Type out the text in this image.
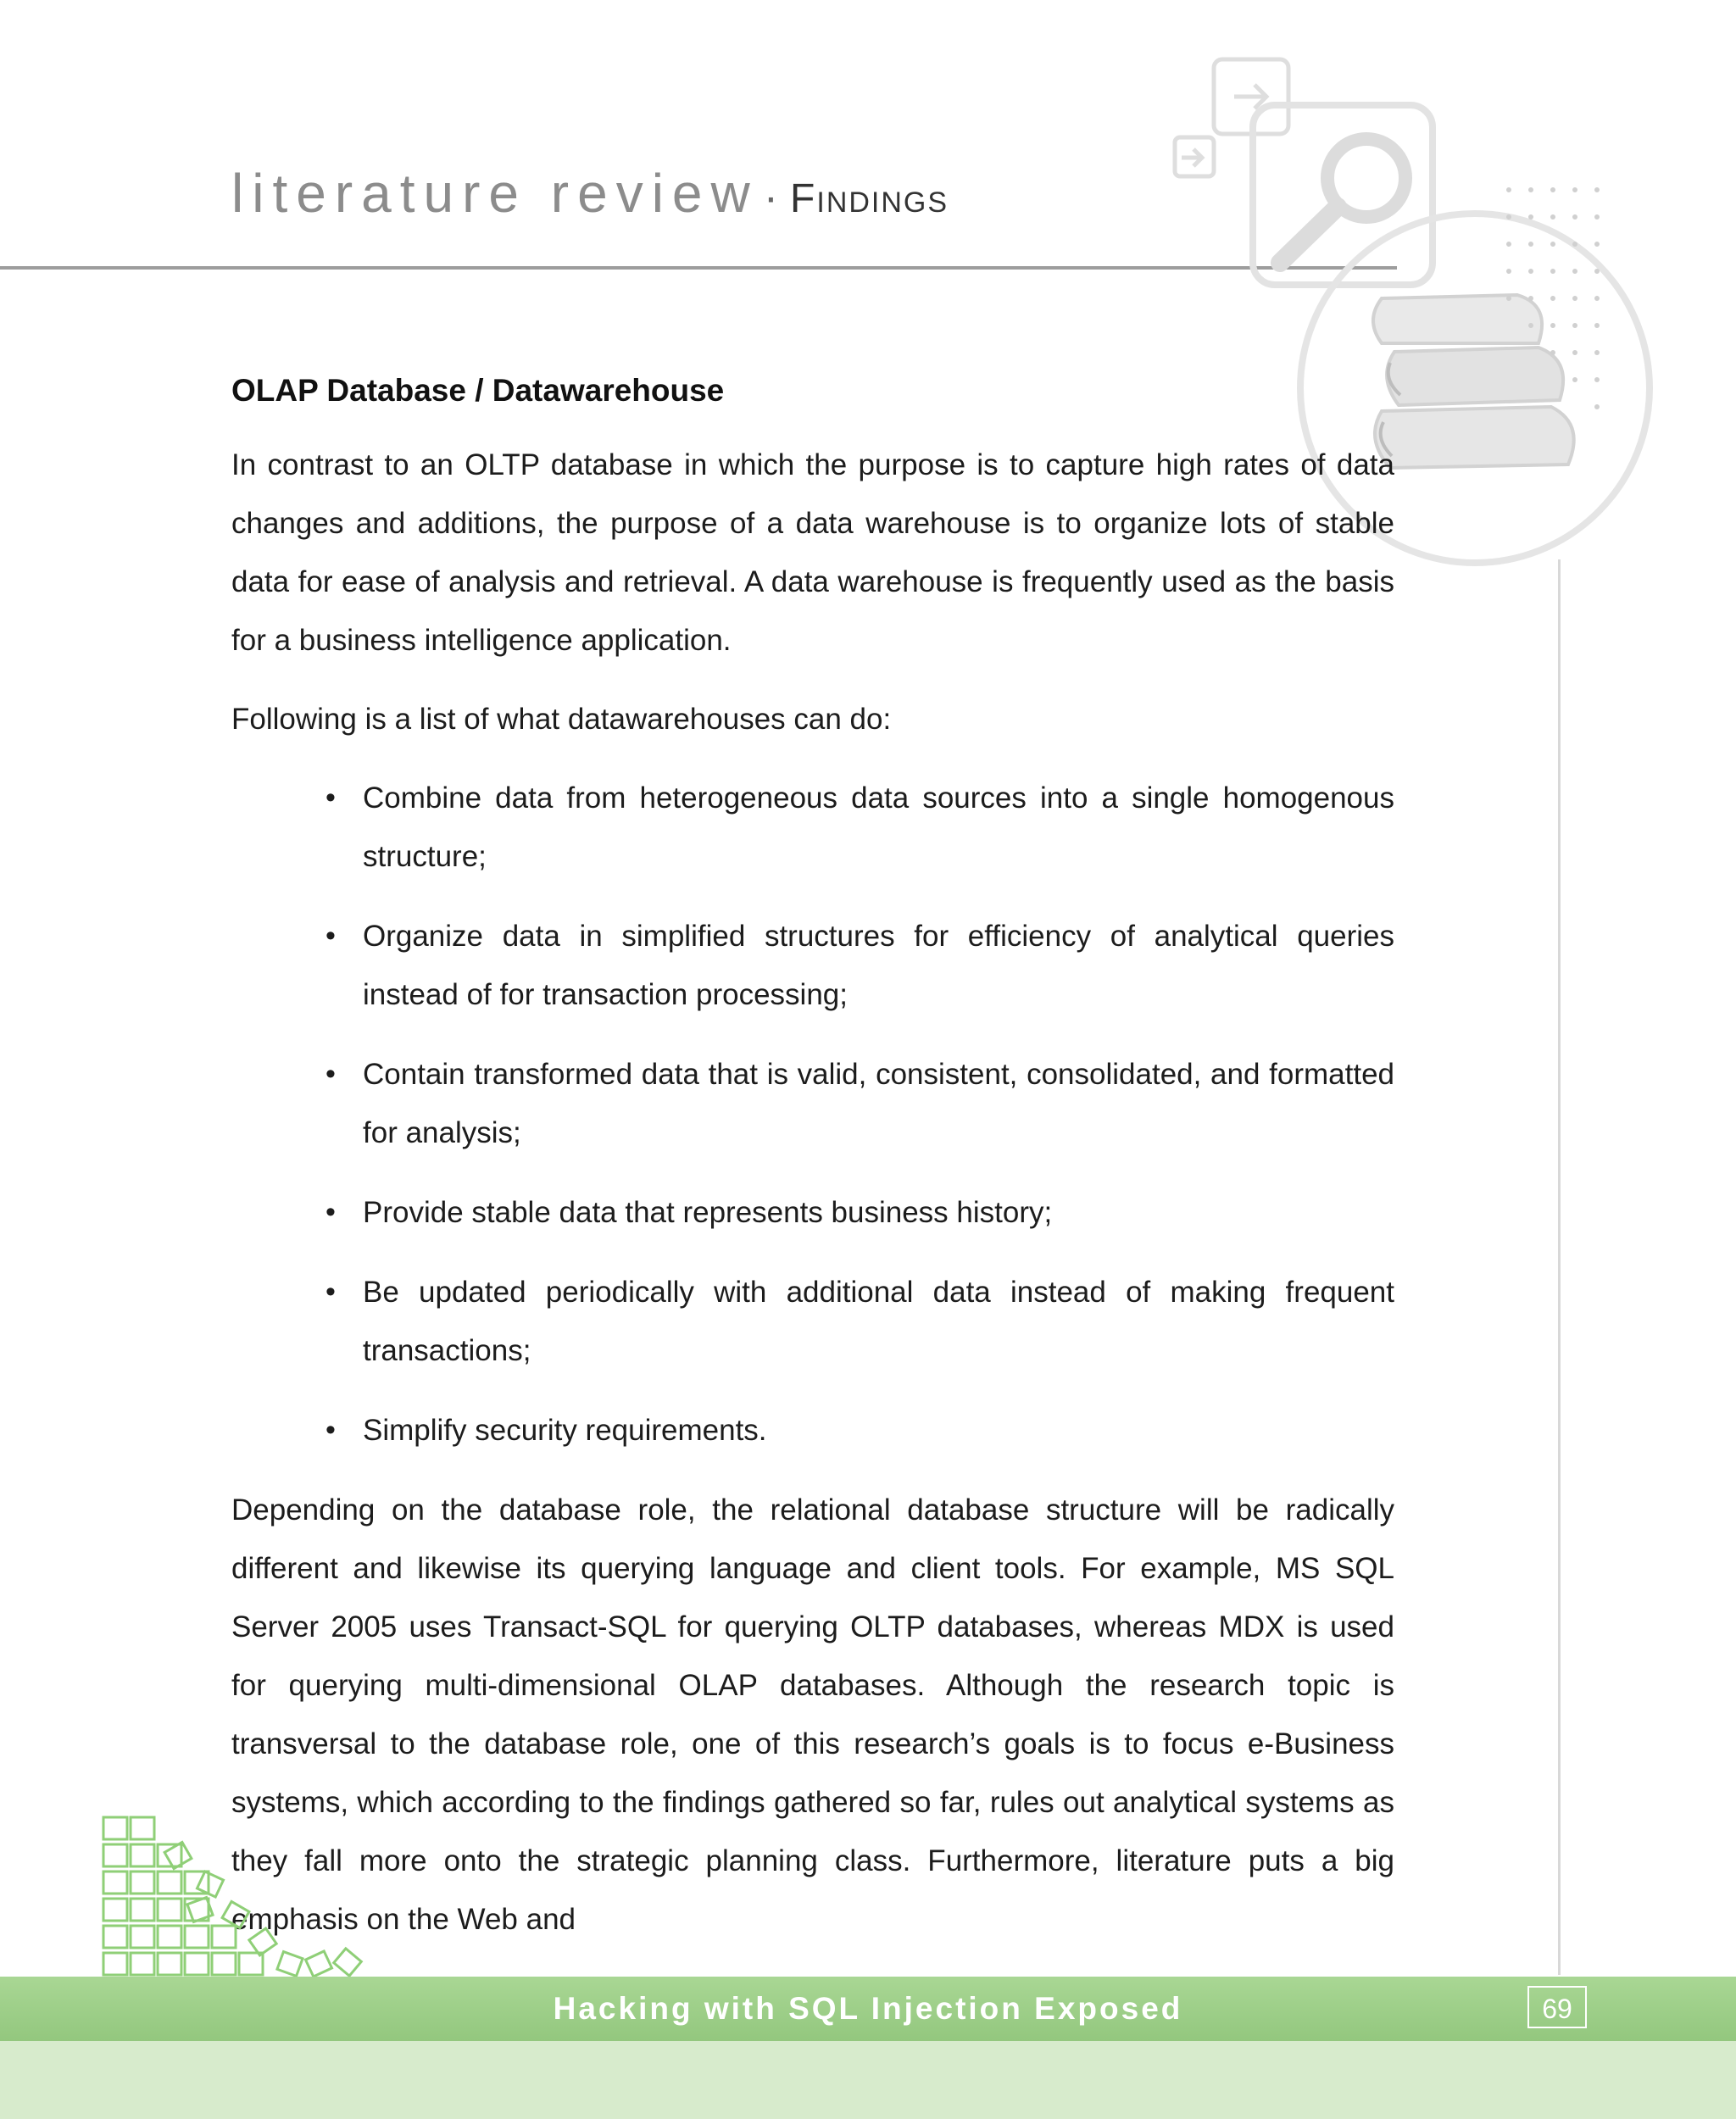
literature review · Findings
OLAP Database / Datawarehouse

In contrast to an OLTP database in which the purpose is to capture high rates of data changes and additions, the purpose of a data warehouse is to organize lots of stable data for ease of analysis and retrieval. A data warehouse is frequently used as the basis for a business intelligence application.

Following is a list of what datawarehouses can do:

• Combine data from heterogeneous data sources into a single homogenous structure;
• Organize data in simplified structures for efficiency of analytical queries instead of for transaction processing;
• Contain transformed data that is valid, consistent, consolidated, and formatted for analysis;
• Provide stable data that represents business history;
• Be updated periodically with additional data instead of making frequent transactions;
• Simplify security requirements.

Depending on the database role, the relational database structure will be radically different and likewise its querying language and client tools. For example, MS SQL Server 2005 uses Transact-SQL for querying OLTP databases, whereas MDX is used for querying multi-dimensional OLAP databases. Although the research topic is transversal to the database role, one of this research’s goals is to focus e-Business systems, which according to the findings gathered so far, rules out analytical systems as they fall more onto the strategic planning class. Furthermore, literature puts a big emphasis on the Web and

Hacking with SQL Injection Exposed	69
